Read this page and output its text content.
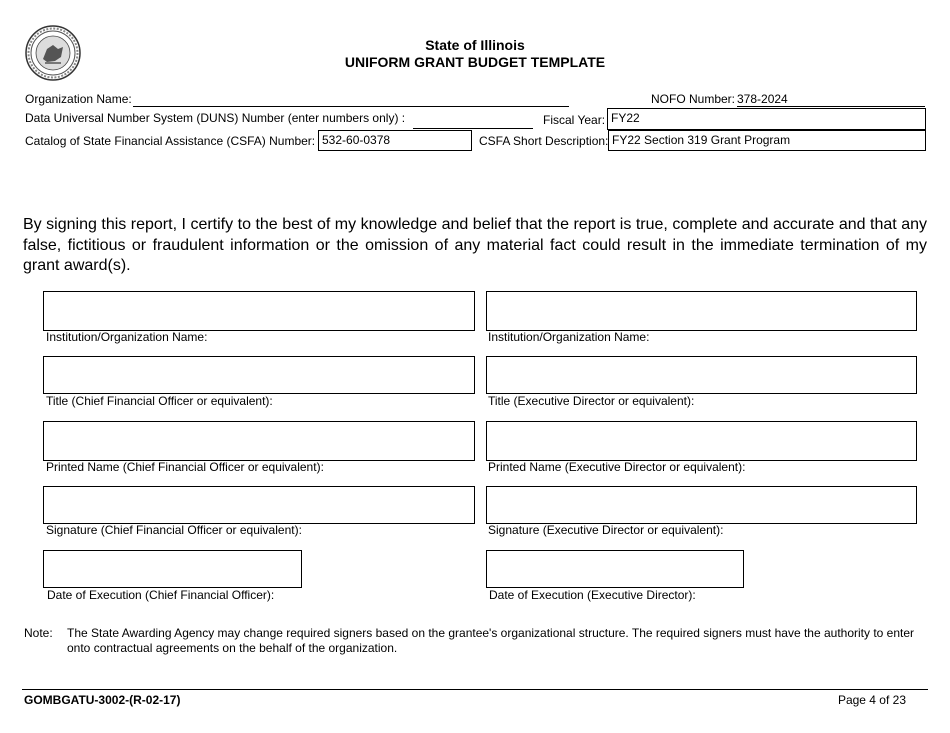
State of Illinois
UNIFORM GRANT BUDGET TEMPLATE
Organization Name:	NOFO Number: 378-2024
Data Universal Number System (DUNS) Number (enter numbers only) :	Fiscal Year: FY22
Catalog of State Financial Assistance (CSFA) Number: 532-60-0378	CSFA Short Description: FY22 Section 319 Grant Program
By signing this report, I certify to the best of my knowledge and belief that the report is true, complete and accurate and that any false, fictitious or fraudulent information or the omission of any material fact could result in the immediate termination of my grant award(s).
Institution/Organization Name:
Title (Chief Financial Officer or equivalent):
Printed Name (Chief Financial Officer or equivalent):
Signature (Chief Financial Officer or equivalent):
Date of Execution (Chief Financial Officer):
Institution/Organization Name:
Title (Executive Director or equivalent):
Printed Name (Executive Director or equivalent):
Signature (Executive Director or equivalent):
Date of Execution (Executive Director):
Note: The State Awarding Agency may change required signers based on the grantee's organizational structure. The required signers must have the authority to enter onto contractual agreements on the behalf of the organization.
GOMBGATU-3002-(R-02-17)	Page 4 of 23
